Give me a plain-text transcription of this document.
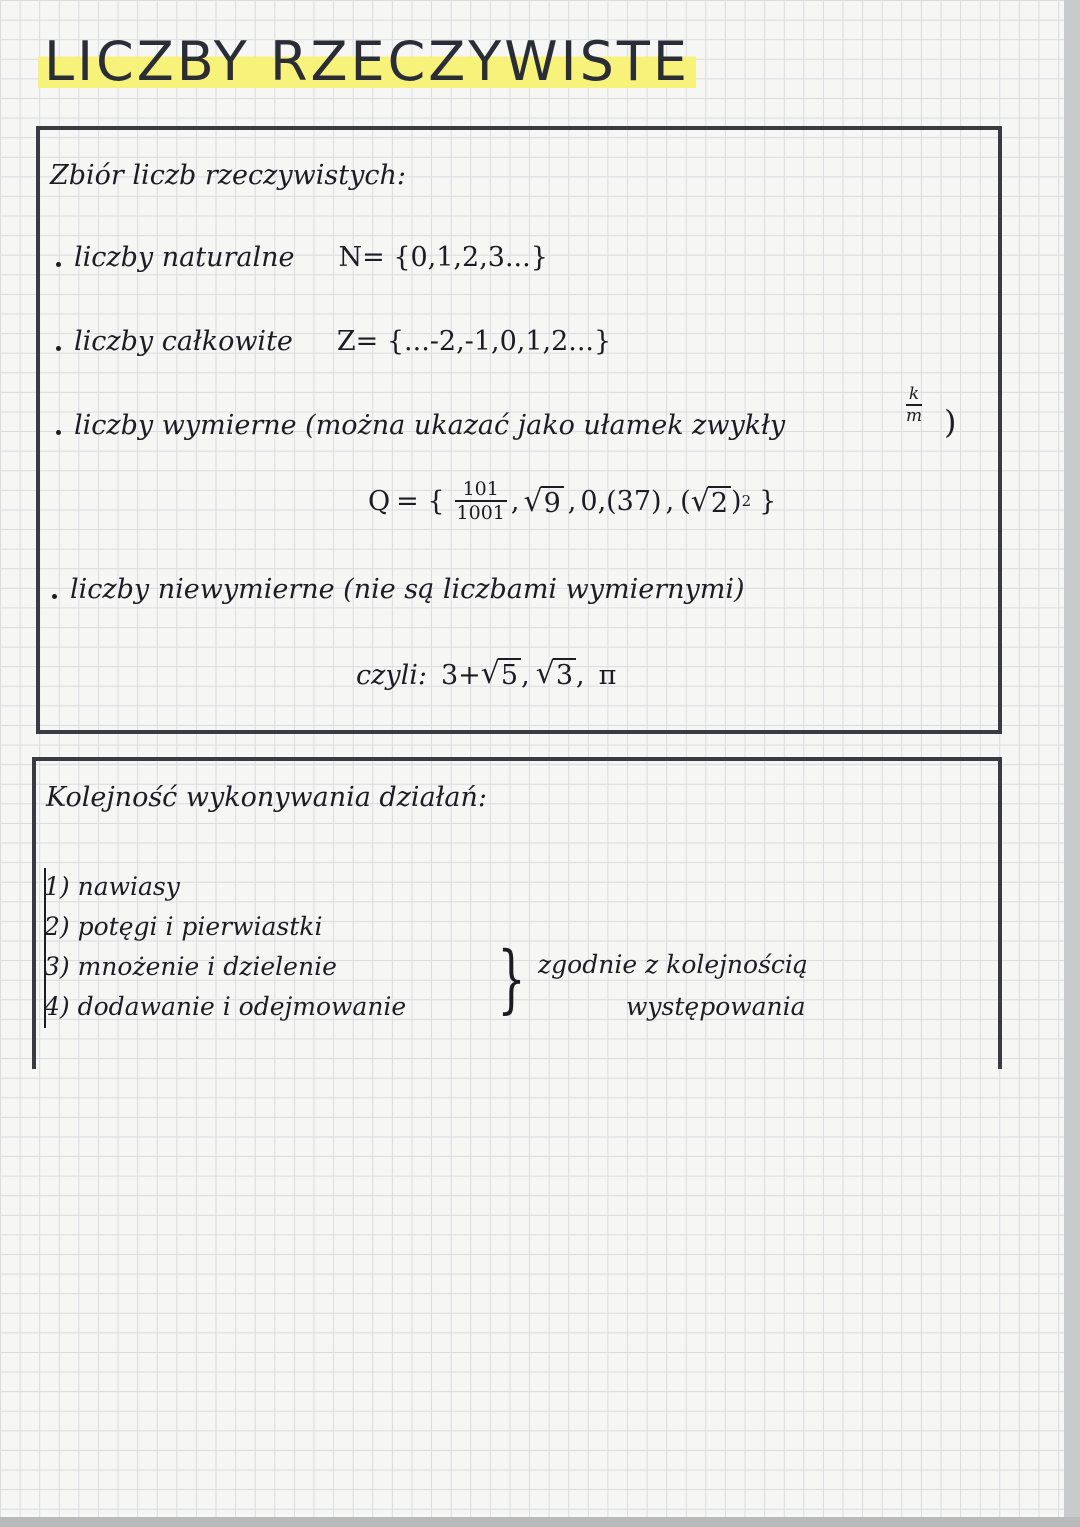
LICZBY RZECZYWISTE
Zbiór liczb rzeczywistych:
liczby naturalne N= {0,1,2,3...}
liczby całkowite Z= {...-2,-1,0,1,2...}
liczby wymierne (można ukazać jako ułamek zwykły
k
m )
Q = { $\frac{101}{1001}$ , √ 9 , 0,(37) , ( √ 2 ) 2 }
liczby niewymierne (nie są liczbami wymiernymi)
czyli: 3+ √ 5 , √ 3 , π
Kolejność wykonywania działań:
1) nawiasy
2) potęgi i pierwiastki
3) mnożenie i dzielenie
4) dodawanie i odejmowanie } zgodnie z kolejnością
występowania
